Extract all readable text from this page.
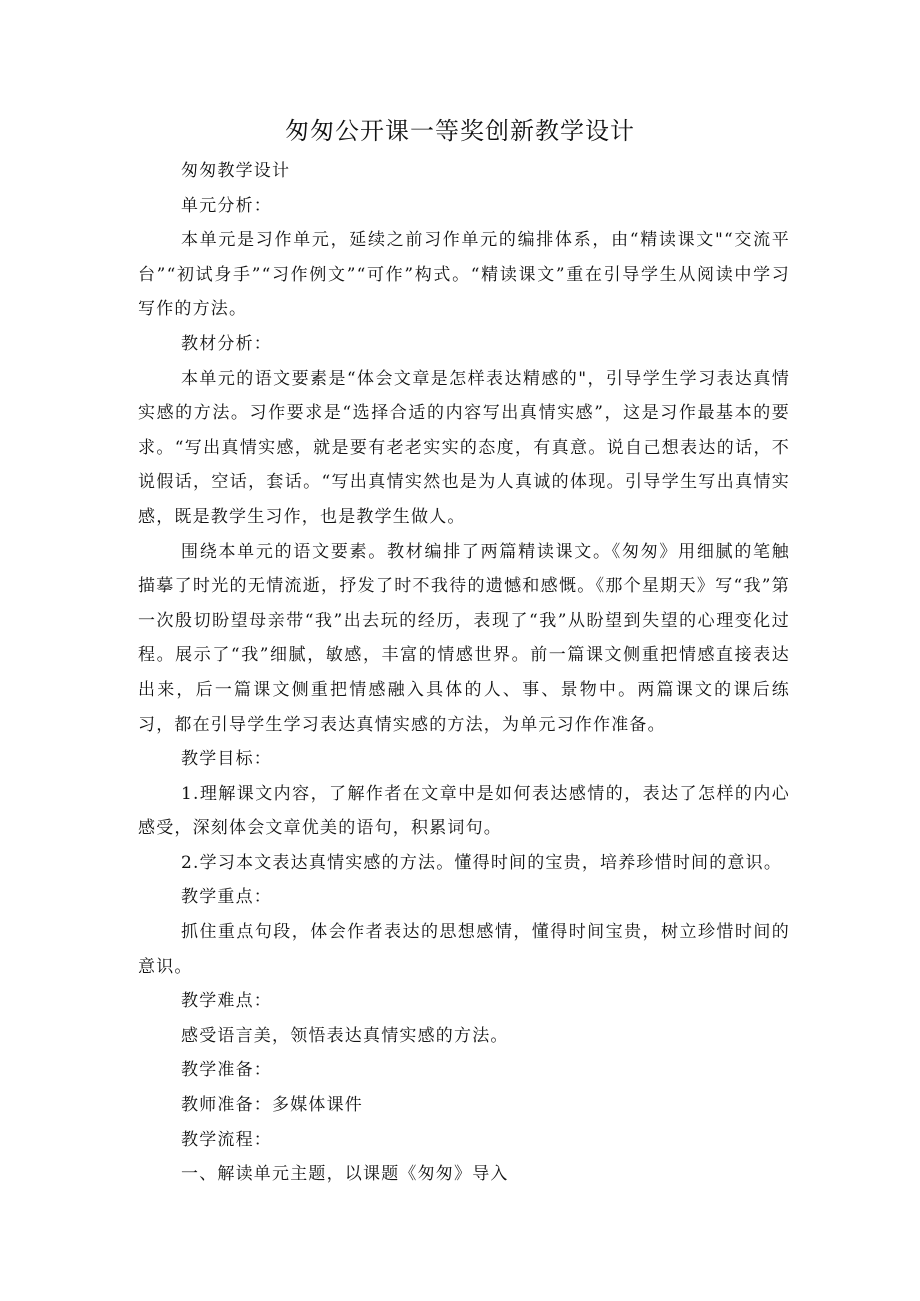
匆匆公开课一等奖创新教学设计

匆匆教学设计

单元分析：

本单元是习作单元，延续之前习作单元的编排体系，由“精读课文"“交流平台”“初试身手”“习作例文”“可作”构式。“精读课文”重在引导学生从阅读中学习写作的方法。

教材分析：

本单元的语文要素是“体会文章是怎样表达精感的"，引导学生学习表达真情实感的方法。习作要求是“选择合适的内容写出真情实感”，这是习作最基本的要求。“写出真情实感，就是要有老老实实的态度，有真意。说自己想表达的话，不说假话，空话，套话。“写出真情实然也是为人真诚的体现。引导学生写出真情实感，既是教学生习作，也是教学生做人。

围绕本单元的语文要素。教材编排了两篇精读课文。《匆匆》用细腻的笔触描摹了时光的无情流逝，抒发了时不我待的遗憾和感慨。《那个星期天》写“我”第一次殷切盼望母亲带“我”出去玩的经历，表现了“我”从盼望到失望的心理变化过程。展示了“我”细腻，敏感，丰富的情感世界。前一篇课文侧重把情感直接表达出来，后一篇课文侧重把情感融入具体的人、事、景物中。两篇课文的课后练习，都在引导学生学习表达真情实感的方法，为单元习作作准备。

教学目标：

1.理解课文内容，了解作者在文章中是如何表达感情的，表达了怎样的内心感受，深刻体会文章优美的语句，积累词句。

2.学习本文表达真情实感的方法。懂得时间的宝贵，培养珍惜时间的意识。

教学重点：

抓住重点句段，体会作者表达的思想感情，懂得时间宝贵，树立珍惜时间的意识。

教学难点：

感受语言美，领悟表达真情实感的方法。

教学准备：

教师准备：多媒体课件

教学流程：

一、解读单元主题，以课题《匆匆》导入
